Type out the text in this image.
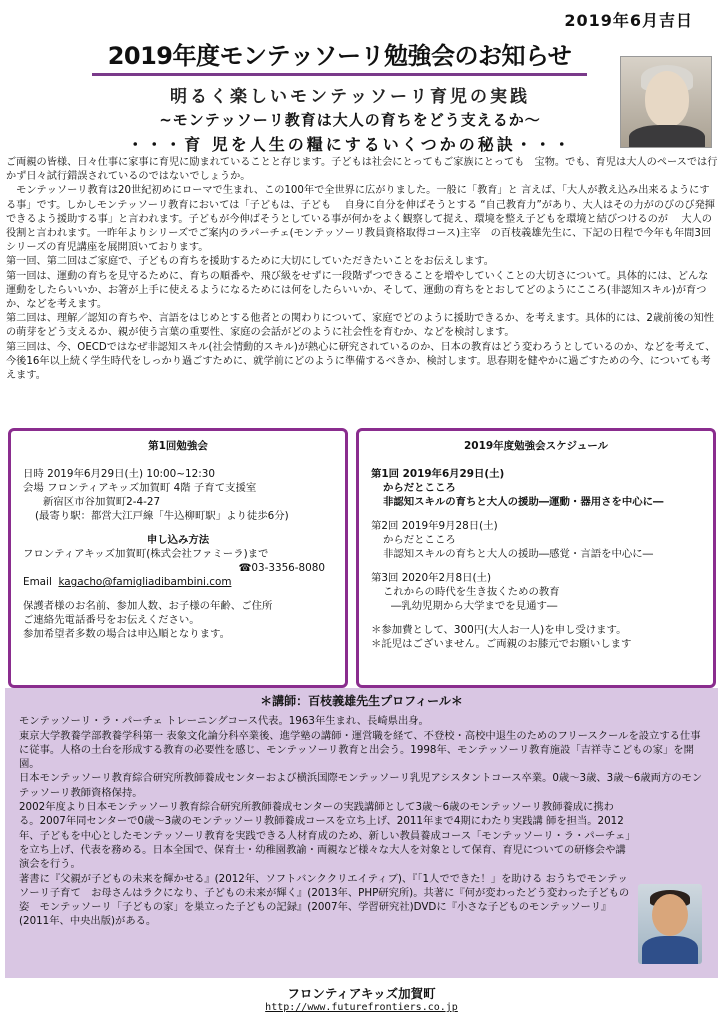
2019年6月吉日
2019年度モンテッソーリ勉強会のお知らせ
明るく楽しいモンテッソーリ育児の実践
~モンテッソーリ教育は大人の育ちをどう支えるか～
・・・育 児を人生の糧にするいくつかの秘訣・・・

ご両親の皆様、日々仕事に家事に育児に励まれていることと存じます。子どもは社会にとってもご家族にとっても　宝物。でも、育児は大人のペースでは行かず日々試行錯誤されているのではないでしょうか。

　モンテッソーリ教育は20世紀初めにローマで生まれ、この100年で全世界に広がりました。一般に「教育」と 言えば、「大人が教え込み出来るようにする事」です。しかしモンテッソーリ教育においては「子どもは、子ども　 自身に自分を伸ばそうとする “自己教育力”があり、大人はその力がのびのび発揮できるよう援助する事」と言われます。子どもが今伸ばそうとしている事が何かをよく観察して捉え、環境を整え子どもを環境と結びつけるのが　 大人の役割と言われます。一昨年よりシリーズでご案内のラパーチェ(モンテッソーリ教員資格取得コース)主宰　の百枝義雄先生に、下記の日程で今年も年間3回シリーズの育児講座を展開頂いております。

第一回、第二回はご家庭で、子どもの育ちを援助するために大切にしていただきたいことをお伝えします。

第一回は、運動の育ちを見守るために、育ちの順番や、飛び級をせずに一段階ずつできることを増やしていくことの大切さについて。具体的には、どんな運動をしたらいいか、お箸が上手に使えるようになるためには何をしたらいいか、そして、運動の育ちをとおしてどのようにこころ(非認知スキル)が育つか、などを考えます。

第二回は、理解／認知の育ちや、言語をはじめとする他者との関わりについて、家庭でどのように援助できるか、を考えます。具体的には、2歳前後の知性の萌芽をどう支えるか、親が使う言葉の重要性、家庭の会話がどのように社会性を育むか、などを検討します。

第三回は、今、OECDではなぜ非認知スキル(社会情動的スキル)が熱心に研究されているのか、日本の教育はどう変わろうとしているのか、などを考えて、今後16年以上続く学生時代をしっかり過ごすために、就学前にどのように準備するべきか、検討します。思春期を健やかに過ごすための今、についても考えます。

第1回勉強会
日時 2019年6月29日(土) 10:00~12:30
会場 フロンティアキッズ加賀町 4階 子育て支援室
新宿区市谷加賀町2-4-27
(最寄り駅：都営大江戸線「牛込柳町駅」より徒歩6分)
申し込み方法
フロンティアキッズ加賀町(株式会社ファミーラ)まで
☎03-3356-8080
Email kagacho@famigliadibambini.com
保護者様のお名前、参加人数、お子様の年齢、ご住所
ご連絡先電話番号をお伝えください。
参加希望者多数の場合は申込順となります。
2019年度勉強会スケジュール
第1回 2019年6月29日(土)
からだとこころ
非認知スキルの育ちと大人の援助―運動・器用さを中心に―
第2回 2019年9月28日(土)
からだとこころ
非認知スキルの育ちと大人の援助―感覚・言語を中心に―
第3回 2020年2月8日(土)
これからの時代を生き抜くための教育
―乳幼児期から大学までを見通す―
＊参加費として、300円(大人お一人)を申し受けます。
＊託児はございません。ご両親のお膝元でお願いします
＊講師：百枝義雄先生プロフィール＊
モンテッソーリ・ラ・パーチェ トレーニングコース代表。1963年生まれ、長崎県出身。
東京大学教養学部教養学科第一 表象文化論分科卒業後、進学塾の講師・運営職を経て、不登校・高校中退生のためのフリースクールを設立する仕事に従事。人格の土台を形成する教育の必要性を感じ、モンテッソーリ教育と出会う。1998年、モンテッソーリ教育施設「吉祥寺こどもの家」を開園。
日本モンテッソーリ教育綜合研究所教師養成センターおよび横浜国際モンテッソーリ乳児アシスタントコース卒業。0歳～3歳、3歳～6歳両方のモンテッソーリ教師資格保持。
2002年度より日本モンテッソーリ教育綜合研究所教師養成センターの実践講師として3歳～6歳のモンテッソーリ教師養成に携わる。2007年同センターで0歳～3歳のモンテッソーリ教師養成コースを立ち上げ、2011年まで4期にわたり実践講 師を担当。2012年、子どもを中心としたモンテッソーリ教育を実践できる人材育成のため、新しい教員養成コース「モンテッソーリ・ラ・パーチェ」を立ち上げ、代表を務める。日本全国で、保育士・幼稚園教諭・両親など様々な大人を対象として保育、育児についての研修会や講演会を行う。
著書に『父親が子どもの未来を輝かせる』(2012年、ソフトバンククリエイティブ)、『「1人でできた！」を助ける おうちでモンテッソーリ子育て　お母さんはラクになり、子どもの未来が輝く』(2013年、PHP研究所)。共著に『何が変わったどう変わった子どもの姿　モンテッソーリ「子どもの家」を巣立った子どもの記録』(2007年、学習研究社)DVDに『小さな子どものモンテッソーリ』(2011年、中央出版)がある。
フロンティアキッズ加賀町
http://www.futurefrontiers.co.jp
